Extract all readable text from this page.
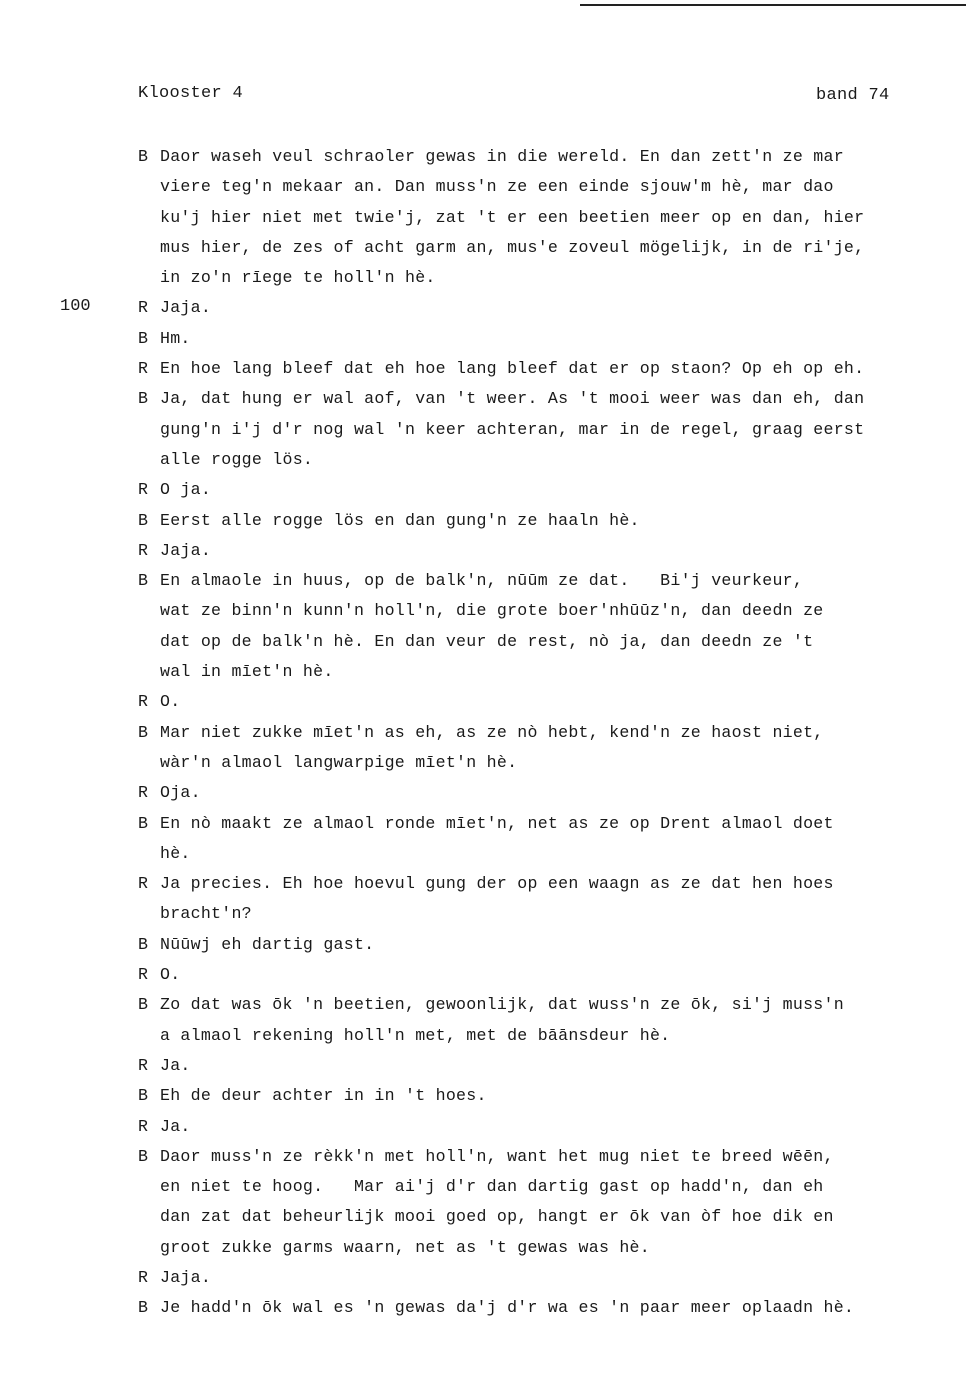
Klooster 4	band 74
100
B Daor waseh veul schraoler gewas in die wereld. En dan zett'n ze mar
viere teg'n mekaar an. Dan muss'n ze een einde sjouw'm hè, mar dao
ku'j hier niet met twie'j, zat 't er een beetien meer op en dan, hier
mus hier, de zes of acht garm an, mus'e zoveul mögelijk, in de ri'je,
in zo'n rīege te holl'n hè.
R Jaja.
B Hm.
R En hoe lang bleef dat eh hoe lang bleef dat er op staon? Op eh op eh.
B Ja, dat hung er wal aof, van 't weer. As 't mooi weer was dan eh, dan
gung'n i'j d'r nog wal 'n keer achteran, mar in de regel, graag eerst
alle rogge lös.
R O ja.
B Eerst alle rogge lös en dan gung'n ze haaln hè.
R Jaja.
B En almaole in huus, op de balk'n, nūūm ze dat.   Bi'j veurkeur,
wat ze binn'n kunn'n holl'n, die grote boer'nhūūz'n, dan deedn ze
dat op de balk'n hè. En dan veur de rest, nò ja, dan deedn ze 't
wal in mīet'n hè.
R O.
B Mar niet zukke mīet'n as eh, as ze nò hebt, kend'n ze haost niet,
wàr'n almaol langwarpige mīet'n hè.
R Oja.
B En nò maakt ze almaol ronde mīet'n, net as ze op Drent almaol doet
hè.
R Ja precies. Eh hoe hoevul gung der op een waagn as ze dat hen hoes
bracht'n?
B Nūūwj eh dartig gast.
R O.
B Zo dat was ōk 'n beetien, gewoonlijk, dat wuss'n ze ōk, si'j muss'n
a almaol rekening holl'n met, met de bāānsdeur hè.
R Ja.
B Eh de deur achter in in 't hoes.
R Ja.
B Daor muss'n ze rèkk'n met holl'n, want het mug niet te breed wēēn,
en niet te hoog.   Mar ai'j d'r dan dartig gast op hadd'n, dan eh
dan zat dat beheurlijk mooi goed op, hangt er ōk van òf hoe dik en
groot zukke garms waarn, net as 't gewas was hè.
R Jaja.
B Je hadd'n ōk wal es 'n gewas da'j d'r wa es 'n paar meer oplaadn hè.
